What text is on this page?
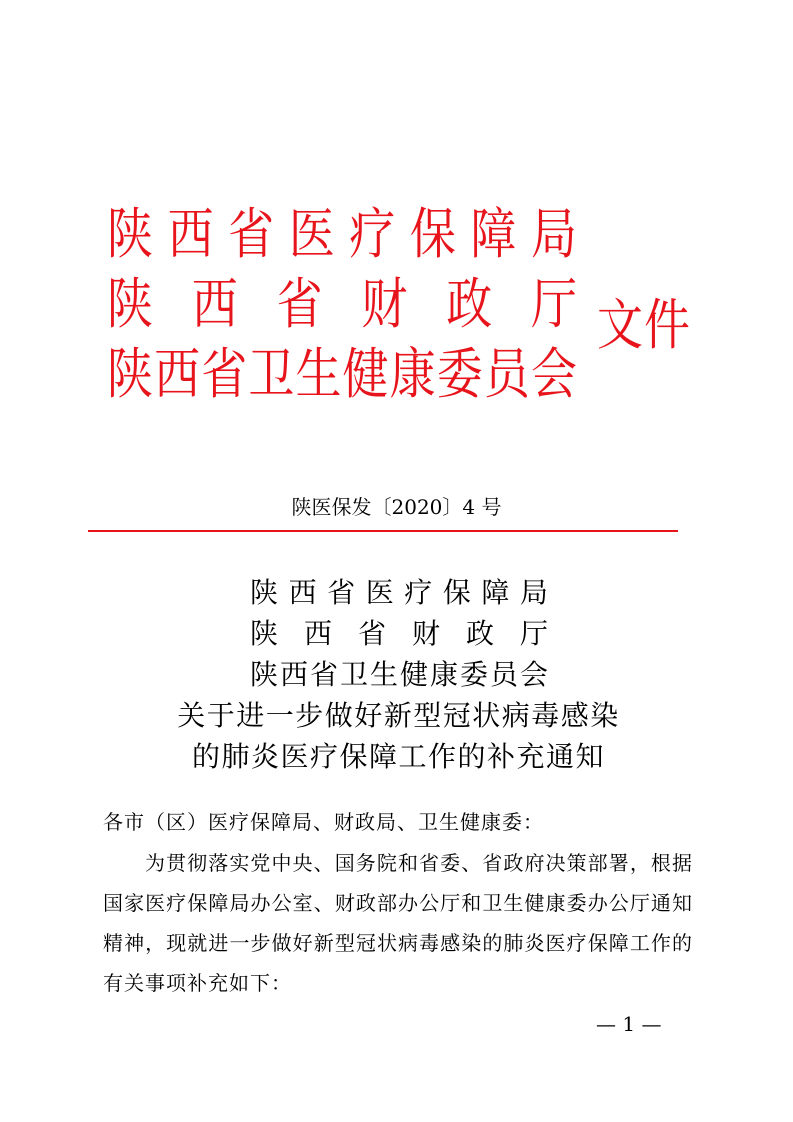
陕西省医疗保障局
陕西省财政厅
陕西省卫生健康委员会
文件
陕医保发〔2020〕4 号
陕西省医疗保障局
陕西省财政厅
陕西省卫生健康委员会
关于进一步做好新型冠状病毒感染
的肺炎医疗保障工作的补充通知
各市（区）医疗保障局、财政局、卫生健康委：

为贯彻落实党中央、国务院和省委、省政府决策部署，根据国家医疗保障局办公室、财政部办公厅和卫生健康委办公厅通知精神，现就进一步做好新型冠状病毒感染的肺炎医疗保障工作的有关事项补充如下：

— 1 —
